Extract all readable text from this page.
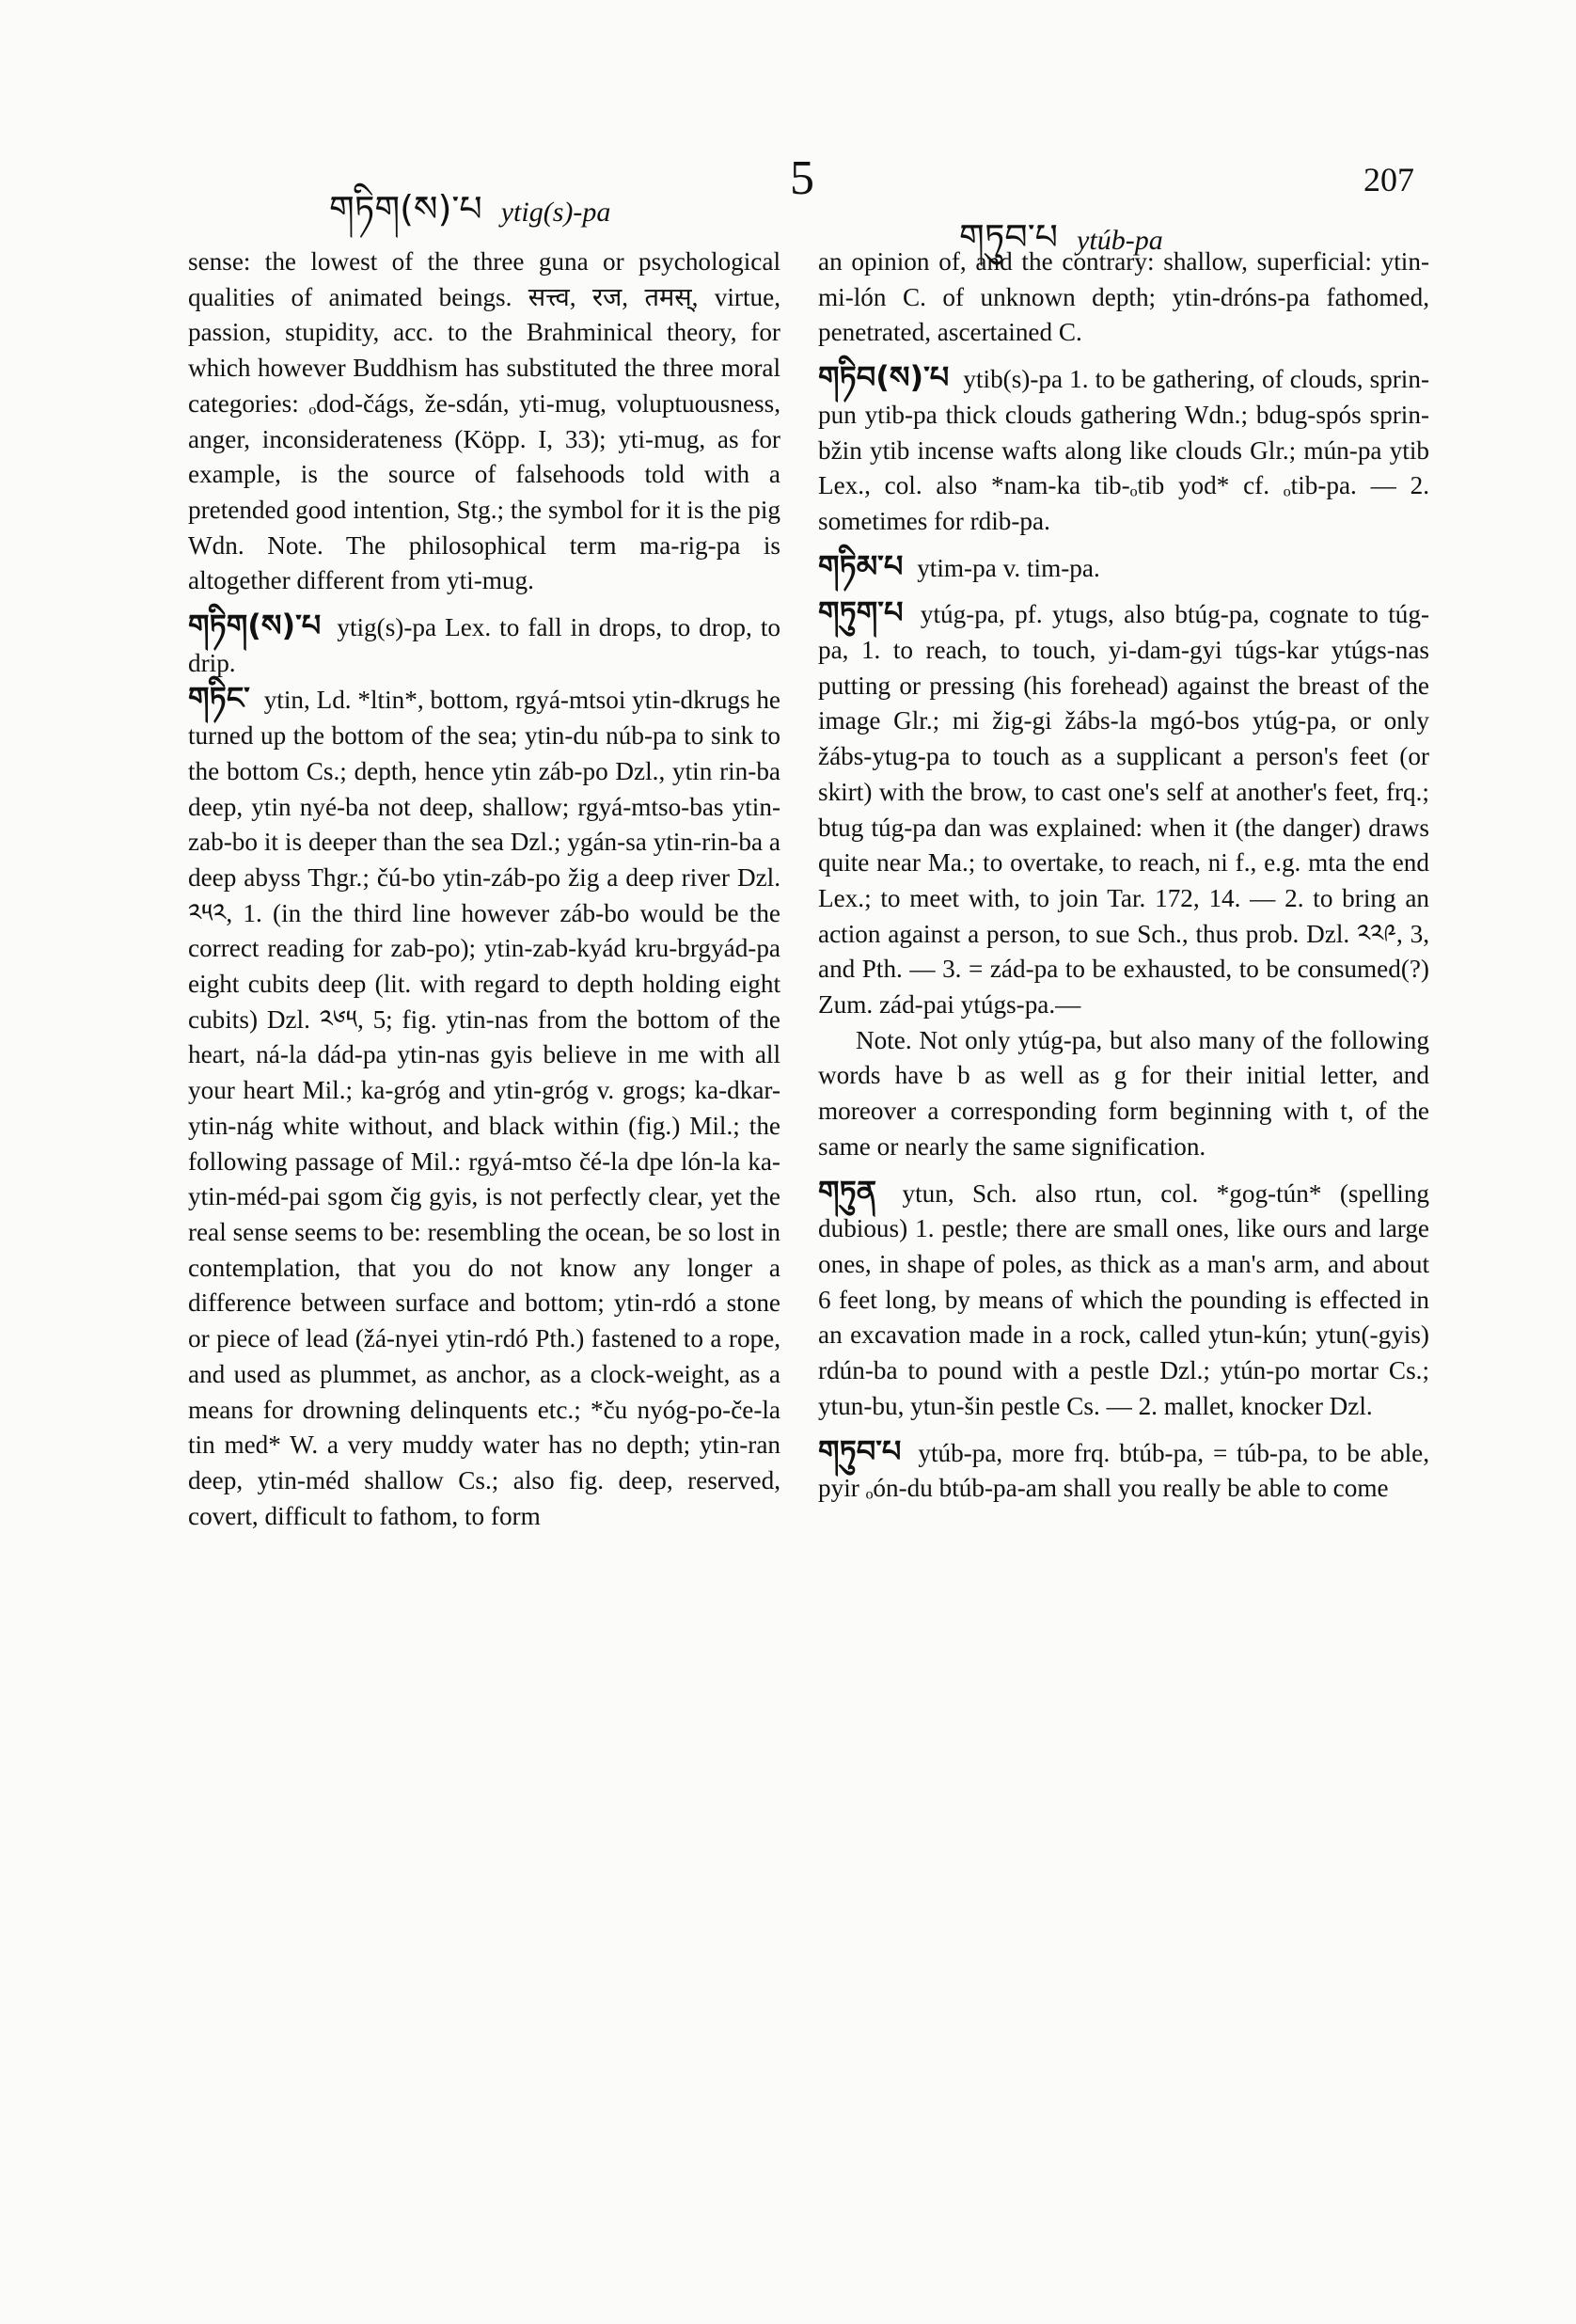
གཏིག(ས)་པ ytig(s)-pa
5
གཏུབ་པ ytúb-pa
207

sense: the lowest of the three guna or psychological qualities of animated beings. सत्त्व, रज, तमस्, virtue, passion, stupidity, acc. to the Brahminical theory, for which however Buddhism has substituted the three moral categories: ₒdod-čágs, že-sdán, yti-mug, voluptuousness, anger, inconsiderateness (Köpp. I, 33); yti-mug, as for example, is the source of falsehoods told with a pretended good intention, Stg.; the symbol for it is the pig Wdn. Note. The philosophical term ma-rig-pa is altogether different from yti-mug.

གཏིག(ས)་པ ytig(s)-pa Lex. to fall in drops, to drop, to drip.

གཏིང་ ytin, Ld. *ltin*, bottom, rgyá-mtsoi ytin-dkrugs he turned up the bottom of the sea; ytin-du núb-pa to sink to the bottom Cs.; depth, hence ytin záb-po Dzl., ytin rin-ba deep, ytin nyé-ba not deep, shallow; rgyá-mtso-bas ytin-zab-bo it is deeper than the sea Dzl.; ygán-sa ytin-rin-ba a deep abyss Thgr.; čú-bo ytin-záb-po žig a deep river Dzl. ༢༥༢, 1. (in the third line however záb-bo would be the correct reading for zab-po); ytin-zab-kyád kru-brgyád-pa eight cubits deep (lit. with regard to depth holding eight cubits) Dzl. ༢༦༥, 5; fig. ytin-nas from the bottom of the heart, ná-la dád-pa ytin-nas gyis believe in me with all your heart Mil.; ka-gróg and ytin-gróg v. grogs; ka-dkar-ytin-nág white without, and black within (fig.) Mil.; the following passage of Mil.: rgyá-mtso čé-la dpe lón-la ka-ytin-méd-pai sgom čig gyis, is not perfectly clear, yet the real sense seems to be: resembling the ocean, be so lost in contemplation, that you do not know any longer a difference between surface and bottom; ytin-rdó a stone or piece of lead (žá-nyei ytin-rdó Pth.) fastened to a rope, and used as plummet, as anchor, as a clock-weight, as a means for drowning delinquents etc.; *ču nyóg-po-če-la tin med* W. a very muddy water has no depth; ytin-ran deep, ytin-méd shallow Cs.; also fig. deep, reserved, covert, difficult to fathom, to form

an opinion of, and the contrary: shallow, superficial: ytin-mi-lón C. of unknown depth; ytin-dróns-pa fathomed, penetrated, ascertained C.

གཏིབ(ས)་པ ytib(s)-pa 1. to be gathering, of clouds, sprin-pun ytib-pa thick clouds gathering Wdn.; bdug-spós sprin-bžin ytib incense wafts along like clouds Glr.; mún-pa ytib Lex., col. also *nam-ka tib-ₒtib yod* cf. ₒtib-pa. — 2. sometimes for rdib-pa.

གཏིམ་པ ytim-pa v. tim-pa.

གཏུག་པ ytúg-pa, pf. ytugs, also btúg-pa, cognate to túg-pa, 1. to reach, to touch, yi-dam-gyi túgs-kar ytúgs-nas putting or pressing (his forehead) against the breast of the image Glr.; mi žig-gi žábs-la mgó-bos ytúg-pa, or only žábs-ytug-pa to touch as a supplicant a person's feet (or skirt) with the brow, to cast one's self at another's feet, frq.; btug túg-pa dan was explained: when it (the danger) draws quite near Ma.; to overtake, to reach, ni f., e.g. mta the end Lex.; to meet with, to join Tar. 172, 14. — 2. to bring an action against a person, to sue Sch., thus prob. Dzl. ༢༢༩, 3, and Pth. — 3. = zád-pa to be exhausted, to be consumed(?) Zum. zád-pai ytúgs-pa.—

Note. Not only ytúg-pa, but also many of the following words have b as well as g for their initial letter, and moreover a corresponding form beginning with t, of the same or nearly the same signification.

གཏུན ytun, Sch. also rtun, col. *gog-tún* (spelling dubious) 1. pestle; there are small ones, like ours and large ones, in shape of poles, as thick as a man's arm, and about 6 feet long, by means of which the pounding is effected in an excavation made in a rock, called ytun-kún; ytun(-gyis) rdún-ba to pound with a pestle Dzl.; ytún-po mortar Cs.; ytun-bu, ytun-šin pestle Cs. — 2. mallet, knocker Dzl.

གཏུབ་པ ytúb-pa, more frq. btúb-pa, = túb-pa, to be able, pyir ₒón-du btúb-pa-am shall you really be able to come
